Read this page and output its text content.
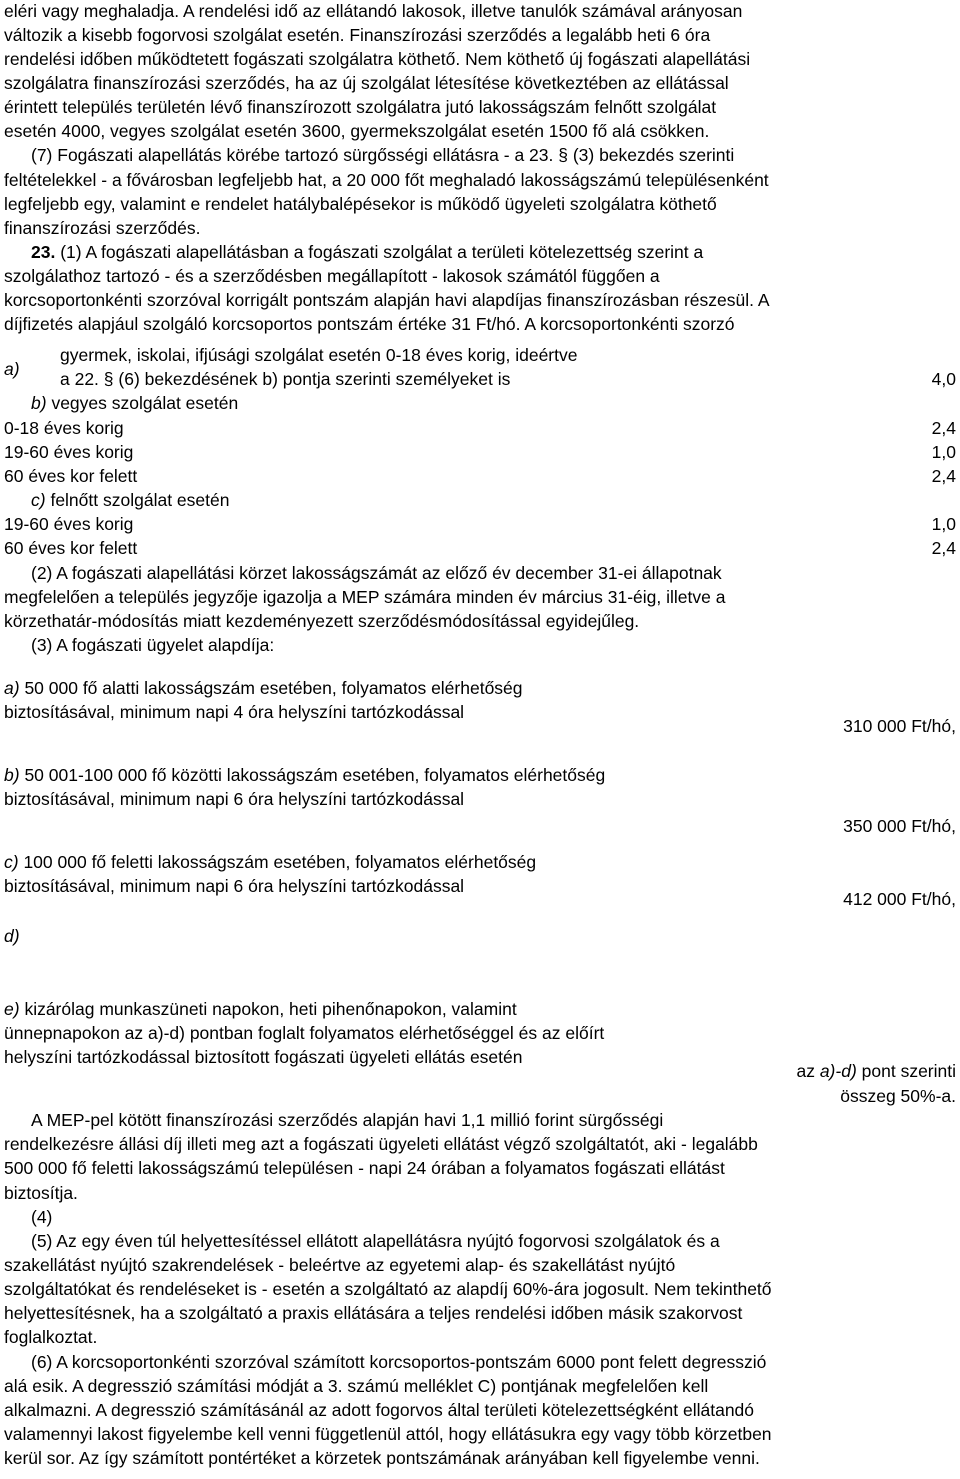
eléri vagy meghaladja. A rendelési idő az ellátandó lakosok, illetve tanulók számával arányosan
változik a kisebb fogorvosi szolgálat esetén. Finanszírozási szerződés a legalább heti 6 óra
rendelési időben működtetett fogászati szolgálatra köthető. Nem köthető új fogászati alapellátási
szolgálatra finanszírozási szerződés, ha az új szolgálat létesítése következtében az ellátással
érintett település területén lévő finanszírozott szolgálatra jutó lakosságszám felnőtt szolgálat
esetén 4000, vegyes szolgálat esetén 3600, gyermekszolgálat esetén 1500 fő alá csökken.
(7) Fogászati alapellátás körébe tartozó sürgősségi ellátásra - a 23. § (3) bekezdés szerinti
feltételekkel - a fővárosban legfeljebb hat, a 20 000 főt meghaladó lakosságszámú településenként
legfeljebb egy, valamint e rendelet hatálybalépésekor is működő ügyeleti szolgálatra köthető
finanszírozási szerződés.
23. (1) A fogászati alapellátásban a fogászati szolgálat a területi kötelezettség szerint a
szolgálathoz tartozó - és a szerződésben megállapított - lakosok számától függően a
korcsoportonkénti szorzóval korrigált pontszám alapján havi alapdíjas finanszírozásban részesül. A
díjfizetés alapjául szolgáló korcsoportos pontszám értéke 31 Ft/hó. A korcsoportonkénti szorzó
a)
gyermek, iskolai, ifjúsági szolgálat esetén 0-18 éves korig, ideértve
a 22. § (6) bekezdésének b) pontja szerinti személyeket is	4,0
b) vegyes szolgálat esetén
0-18 éves korig	2,4
19-60 éves korig	1,0
60 éves kor felett	2,4
c) felnőtt szolgálat esetén
19-60 éves korig	1,0
60 éves kor felett	2,4
(2) A fogászati alapellátási körzet lakosságszámát az előző év december 31-ei állapotnak
megfelelően a település jegyzője igazolja a MEP számára minden év március 31-éig, illetve a
körzethatár-módosítás miatt kezdeményezett szerződésmódosítással egyidejűleg.
(3) A fogászati ügyelet alapdíja:
a) 50 000 fő alatti lakosságszám esetében, folyamatos elérhetőség
biztosításával, minimum napi 4 óra helyszíni tartózkodással
310 000 Ft/hó,
b) 50 001-100 000 fő közötti lakosságszám esetében, folyamatos elérhetőség
biztosításával, minimum napi 6 óra helyszíni tartózkodással
350 000 Ft/hó,
c) 100 000 fő feletti lakosságszám esetében, folyamatos elérhetőség
biztosításával, minimum napi 6 óra helyszíni tartózkodással
412 000 Ft/hó,
d)
e) kizárólag munkaszüneti napokon, heti pihenőnapokon, valamint
ünnepnapokon az a)-d) pontban foglalt folyamatos elérhetőséggel és az előírt
helyszíni tartózkodással biztosított fogászati ügyeleti ellátás esetén
az a)-d) pont szerinti
összeg 50%-a.
A MEP-pel kötött finanszírozási szerződés alapján havi 1,1 millió forint sürgősségi
rendelkezésre állási díj illeti meg azt a fogászati ügyeleti ellátást végző szolgáltatót, aki - legalább
500 000 fő feletti lakosságszámú településen - napi 24 órában a folyamatos fogászati ellátást
biztosítja.
(4)
(5) Az egy éven túl helyettesítéssel ellátott alapellátásra nyújtó fogorvosi szolgálatok és a
szakellátást nyújtó szakrendelések - beleértve az egyetemi alap- és szakellátást nyújtó
szolgáltatókat és rendeléseket is - esetén a szolgáltató az alapdíj 60%-ára jogosult. Nem tekinthető
helyettesítésnek, ha a szolgáltató a praxis ellátására a teljes rendelési időben másik szakorvost
foglalkoztat.
(6) A korcsoportonkénti szorzóval számított korcsoportos-pontszám 6000 pont felett degresszió
alá esik. A degresszió számítási módját a 3. számú melléklet C) pontjának megfelelően kell
alkalmazni. A degresszió számításánál az adott fogorvos által területi kötelezettségként ellátandó
valamennyi lakost figyelembe kell venni függetlenül attól, hogy ellátásukra egy vagy több körzetben
kerül sor. Az így számított pontértéket a körzetek pontszámának arányában kell figyelembe venni.
